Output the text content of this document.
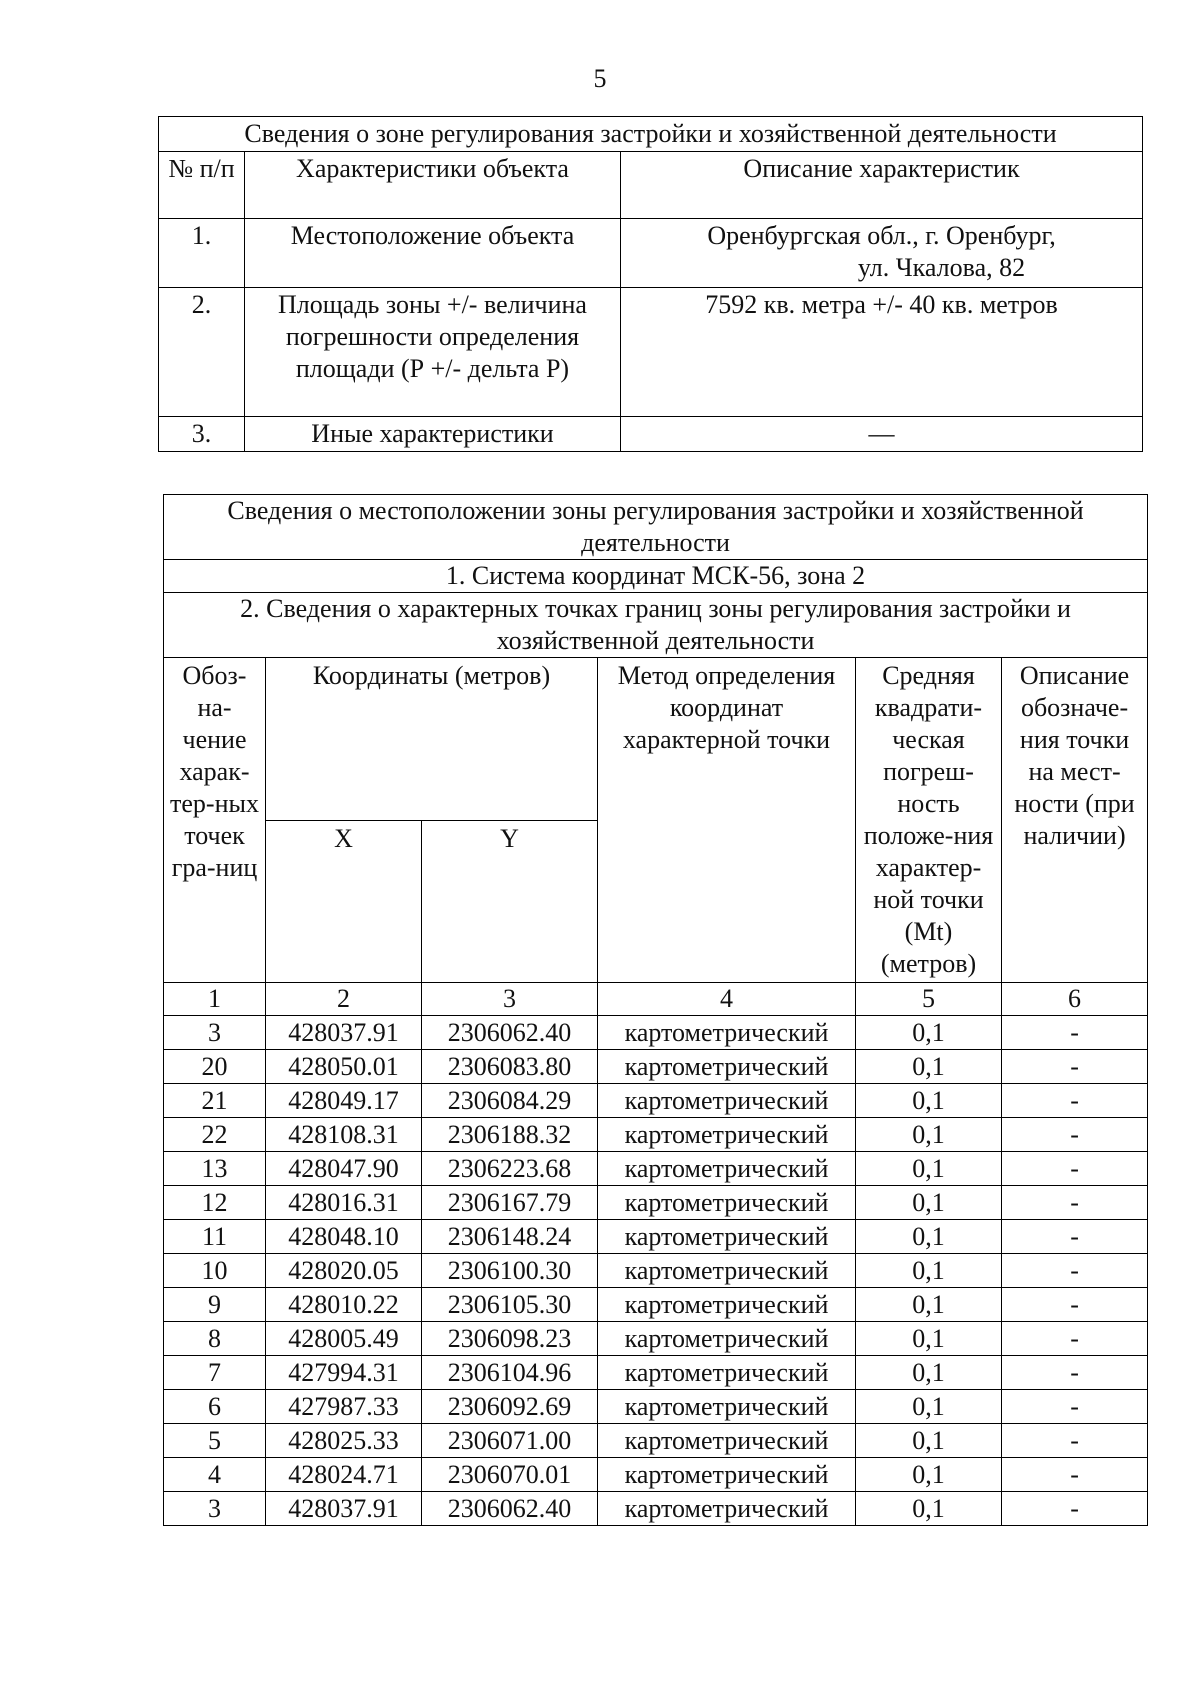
5
Сведения о зоне регулирования застройки и хозяйственной деятельности		
№ п/п	Характеристики объекта	Описание характеристик
1.	Местоположение объекта	Оренбургская обл., г. Оренбург,
ул. Чкалова, 82

2.	Площадь зоны +/- величина погрешности определения площади (Р +/- дельта Р)	7592 кв. метра +/- 40 кв. метров
3.	Иные характеристики	—
Сведения о местоположении зоны регулирования застройки и хозяйственной деятельности					
1. Система координат МСК-56, зона 2					
2. Сведения о характерных точках границ зоны регулирования застройки и хозяйственной деятельности					
Обоз-на-чение харак-тер-ных точек гра-ниц	Координаты (метров)		Метод определения координат характерной точки	Средняя квадрати-ческая погреш-ность положе-ния характер-ной точки (Mt) (метров)	Описание обозначе-ния точки на мест-ности (при наличии)
	X	Y			
1	2	3	4	5	6
3	428037.91	2306062.40	картометрический	0,1	-
20	428050.01	2306083.80	картометрический	0,1	-
21	428049.17	2306084.29	картометрический	0,1	-
22	428108.31	2306188.32	картометрический	0,1	-
13	428047.90	2306223.68	картометрический	0,1	-
12	428016.31	2306167.79	картометрический	0,1	-
11	428048.10	2306148.24	картометрический	0,1	-
10	428020.05	2306100.30	картометрический	0,1	-
9	428010.22	2306105.30	картометрический	0,1	-
8	428005.49	2306098.23	картометрический	0,1	-
7	427994.31	2306104.96	картометрический	0,1	-
6	427987.33	2306092.69	картометрический	0,1	-
5	428025.33	2306071.00	картометрический	0,1	-
4	428024.71	2306070.01	картометрический	0,1	-
3	428037.91	2306062.40	картометрический	0,1	-
